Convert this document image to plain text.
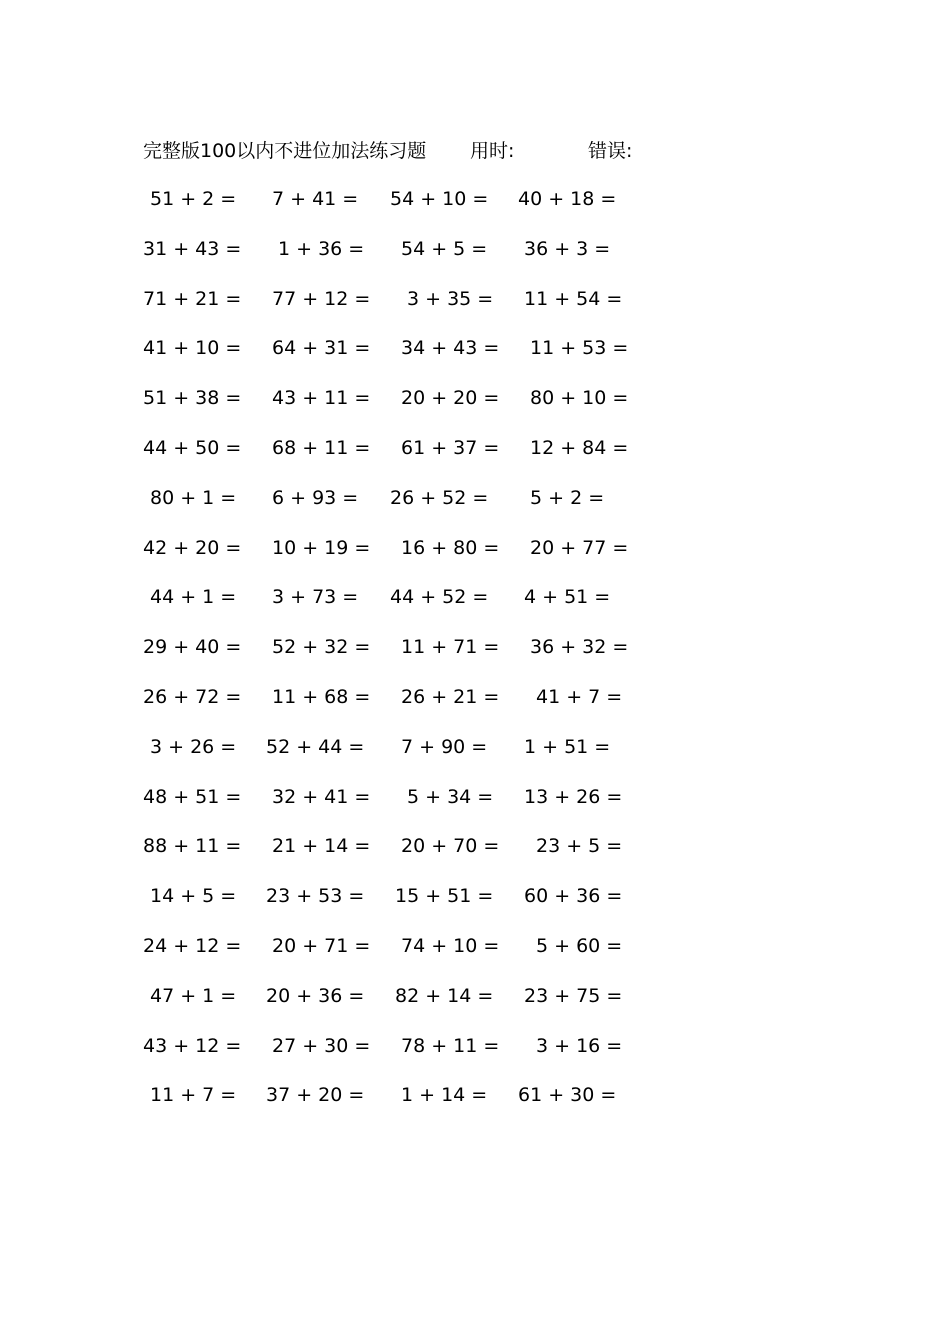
完整版100以内不进位加法练习题 用时:	错误:
51 + 2 = 7 + 41 = 54 + 10 = 40 + 18 =
31 + 43 = 1 + 36 = 54 + 5 = 36 + 3 =
71 + 21 = 77 + 12 = 3 + 35 = 11 + 54 =
41 + 10 = 64 + 31 = 34 + 43 = 11 + 53 =
51 + 38 = 43 + 11 = 20 + 20 = 80 + 10 =
44 + 50 = 68 + 11 = 61 + 37 = 12 + 84 =
80 + 1 = 6 + 93 = 26 + 52 = 5 + 2 =
42 + 20 = 10 + 19 = 16 + 80 = 20 + 77 =
44 + 1 = 3 + 73 = 44 + 52 = 4 + 51 =
29 + 40 = 52 + 32 = 11 + 71 = 36 + 32 =
26 + 72 = 11 + 68 = 26 + 21 = 41 + 7 =
3 + 26 = 52 + 44 = 7 + 90 = 1 + 51 =
48 + 51 = 32 + 41 = 5 + 34 = 13 + 26 =
88 + 11 = 21 + 14 = 20 + 70 = 23 + 5 =
14 + 5 = 23 + 53 = 15 + 51 = 60 + 36 =
24 + 12 = 20 + 71 = 74 + 10 = 5 + 60 =
47 + 1 = 20 + 36 = 82 + 14 = 23 + 75 =
43 + 12 = 27 + 30 = 78 + 11 = 3 + 16 =
11 + 7 = 37 + 20 = 1 + 14 = 61 + 30 =
